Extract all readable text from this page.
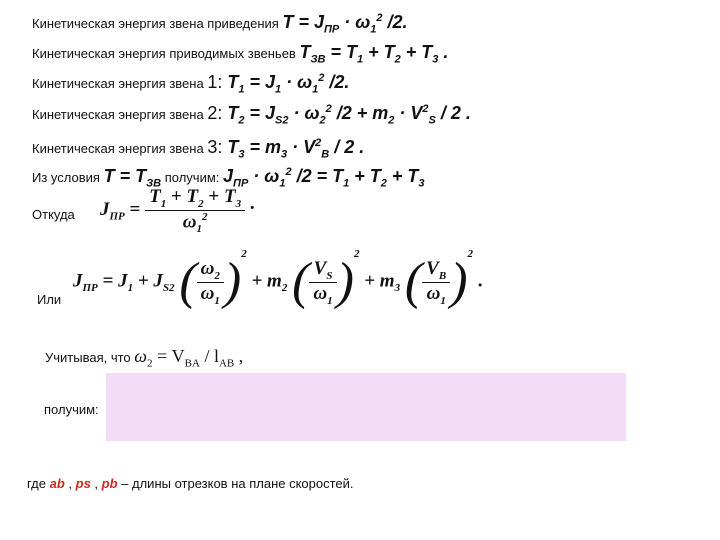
Кинетическая энергия звена приведения $T = J_{ПР} \cdot \omega_1^2$ /2.
Кинетическая энергия приводимых звеньев $T_{ЗВ} = T_1 + T_2 + T_3$ .
Кинетическая энергия звена 1: $T_1 = J_1 \cdot \omega_1^2$ /2.
Кинетическая энергия звена 2: $T_2 = J_{S2} \cdot \omega_2^2$ $/2 + m_2 \cdot V^2_S / 2$ .
Кинетическая энергия звена 3: $T_3 = m_3 \cdot V^2_B / 2$ .
Из условия $T = T_{ЗВ}$ получим: $J_{ПР} \cdot \omega_1^2$ $/2 = T_1 + T_2 + T_3$
Откуда $J_{ПР} = \frac{T_1 + T_2 + T_3}{\omega_1^2}$ .
Или
$J_{ПР} = J_1 + J_{S2}$ ( $\frac{\omega_2}{\omega_1} )^2 + m_2$ ( $\frac{V_S}{\omega_1} )^2 + m_3$ ( $\frac{V_B}{\omega_1} )^2$ .
Учитывая, что $\omega_2 = V_{BA} / l_{AB}$ ,
получим:
где ab , ps , pb – длины отрезков на плане скоростей.
